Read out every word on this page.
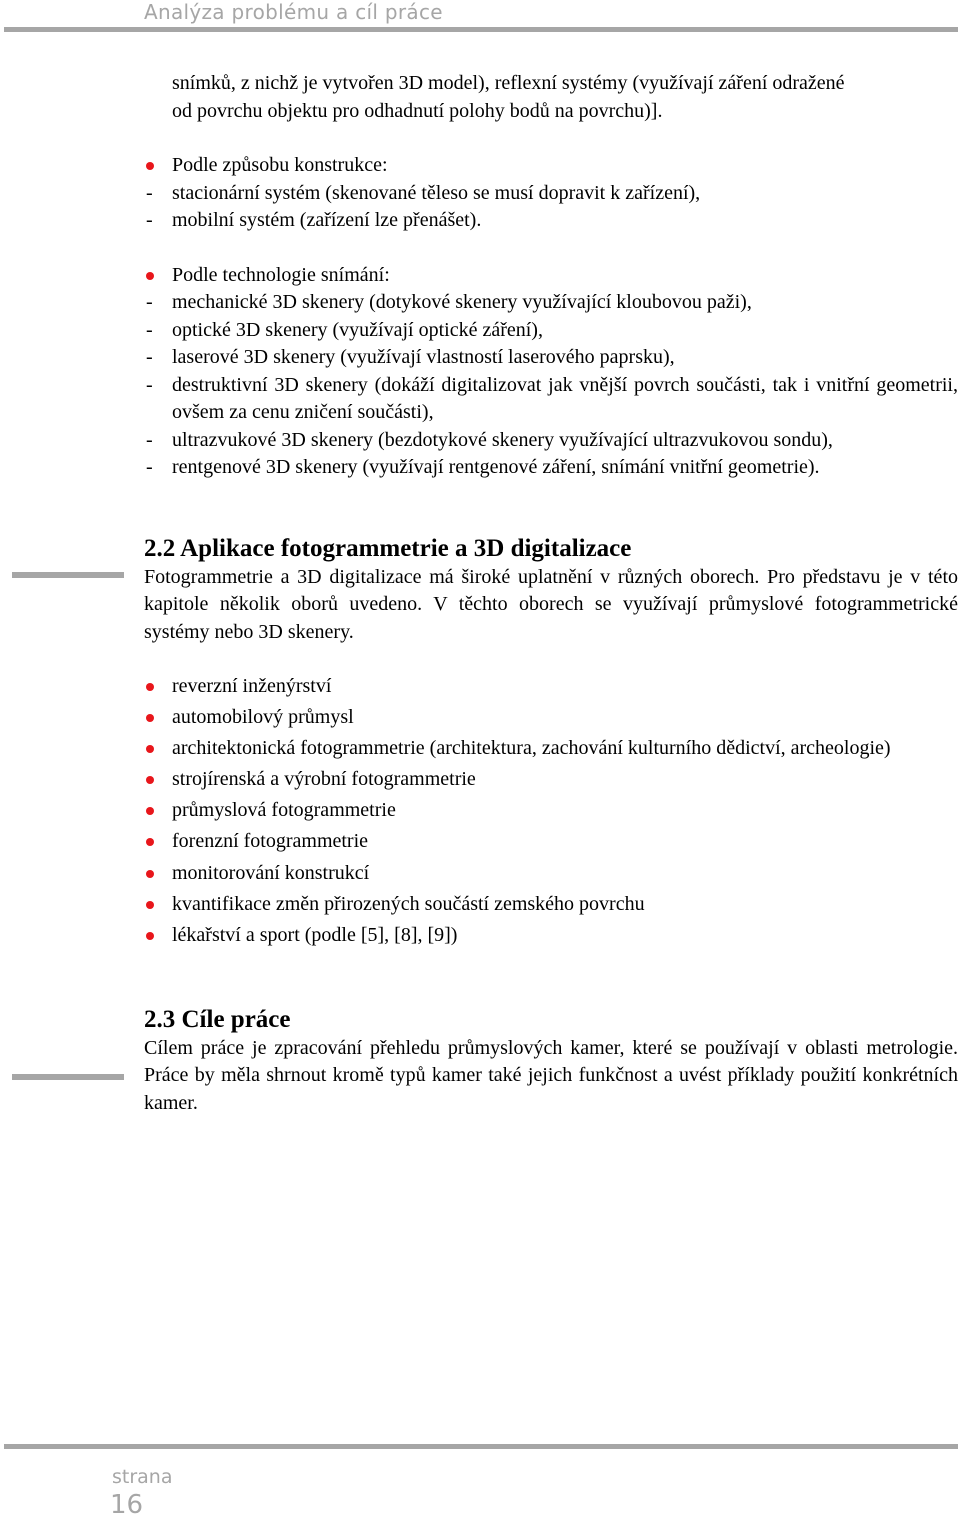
Analýza problému a cíl práce

snímků, z nichž je vytvořen 3D model), reflexní systémy (využívají záření odražené

od povrchu objektu pro odhadnutí polohy bodů na povrchu)].

Podle způsobu konstrukce:
- stacionární systém (skenované těleso se musí dopravit k zařízení),
- mobilní systém (zařízení lze přenášet).
Podle technologie snímání:
- mechanické 3D skenery (dotykové skenery využívající kloubovou paži),
- optické 3D skenery (využívají optické záření),
- laserové 3D skenery (využívají vlastností laserového paprsku),
- destruktivní 3D skenery (dokáží digitalizovat jak vnější povrch součásti, tak i vnitřní geometrii, ovšem za cenu zničení součásti),
- ultrazvukové 3D skenery (bezdotykové skenery využívající ultrazvukovou sondu),
- rentgenové 3D skenery (využívají rentgenové záření, snímání vnitřní geometrie).
2.2 Aplikace fotogrammetrie a 3D digitalizace

Fotogrammetrie a 3D digitalizace má široké uplatnění v různých oborech. Pro představu je v této kapitole několik oborů uvedeno. V těchto oborech se využívají průmyslové fotogrammetrické systémy nebo 3D skenery.

reverzní inženýrství
automobilový průmysl
architektonická fotogrammetrie (architektura, zachování kulturního dědictví, archeologie)
strojírenská a výrobní fotogrammetrie
průmyslová fotogrammetrie
forenzní fotogrammetrie
monitorování konstrukcí
kvantifikace změn přirozených součástí zemského povrchu
lékařství a sport (podle [5], [8], [9])
2.3 Cíle práce

Cílem práce je zpracování přehledu průmyslových kamer, které se používají v oblasti metrologie. Práce by měla shrnout kromě typů kamer také jejich funkčnost a uvést příklady použití konkrétních kamer.

strana
16
